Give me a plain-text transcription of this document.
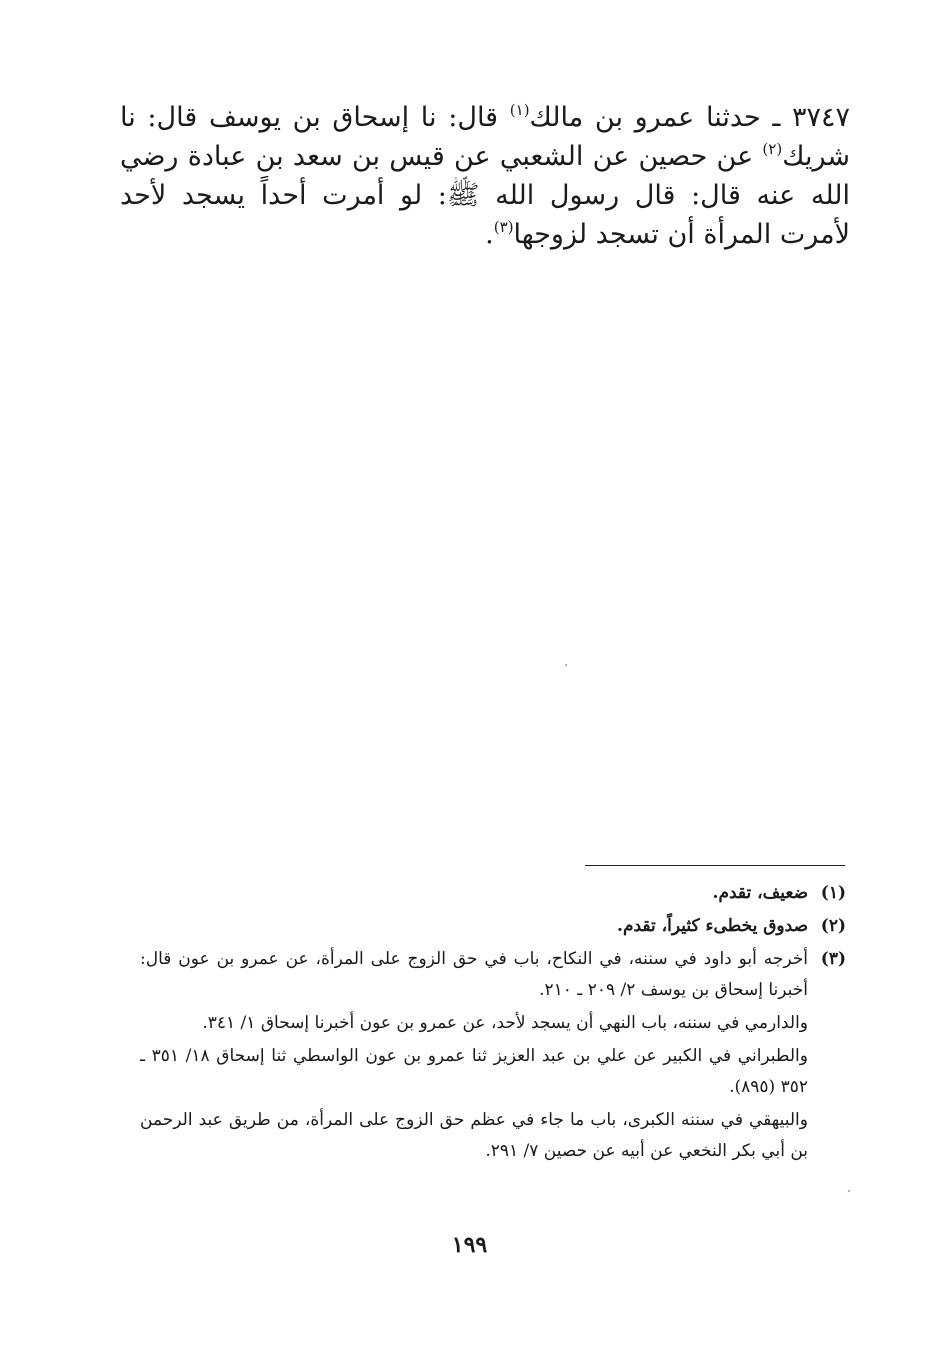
٣٧٤٧ ـ حدثنا عمرو بن مالك$^{(١)}$ قال: نا إسحاق بن يوسف قال: نا شريك$^{(٢)}$ عن حصين عن الشعبي عن قيس بن سعد بن عبادة رضي الله عنه قال: قال رسول الله ﷺ: لو أمرت أحداً يسجد لأحد لأمرت المرأة أن تسجد لزوجها$^{(٣)}$.
(١)

ضعيف، تقدم.

(٢)

صدوق يخطىء كثيراً، تقدم.

(٣)

أخرجه أبو داود في سننه، في النكاح، باب في حق الزوج على المرأة، عن عمرو بن عون قال: أخبرنا إسحاق بن يوسف ٢/ ٢٠٩ ـ ٢١٠.

والدارمي في سننه، باب النهي أن يسجد لأحد، عن عمرو بن عون أخبرنا إسحاق ١/ ٣٤١.

والطبراني في الكبير عن علي بن عبد العزيز ثنا عمرو بن عون الواسطي ثنا إسحاق ١٨/ ٣٥١ ـ ٣٥٢ (٨٩٥).

والبيهقي في سننه الكبرى، باب ما جاء في عظم حق الزوج على المرأة، من طريق عبد الرحمن بن أبي بكر النخعي عن أبيه عن حصين ٧/ ٢٩١.

١٩٩
